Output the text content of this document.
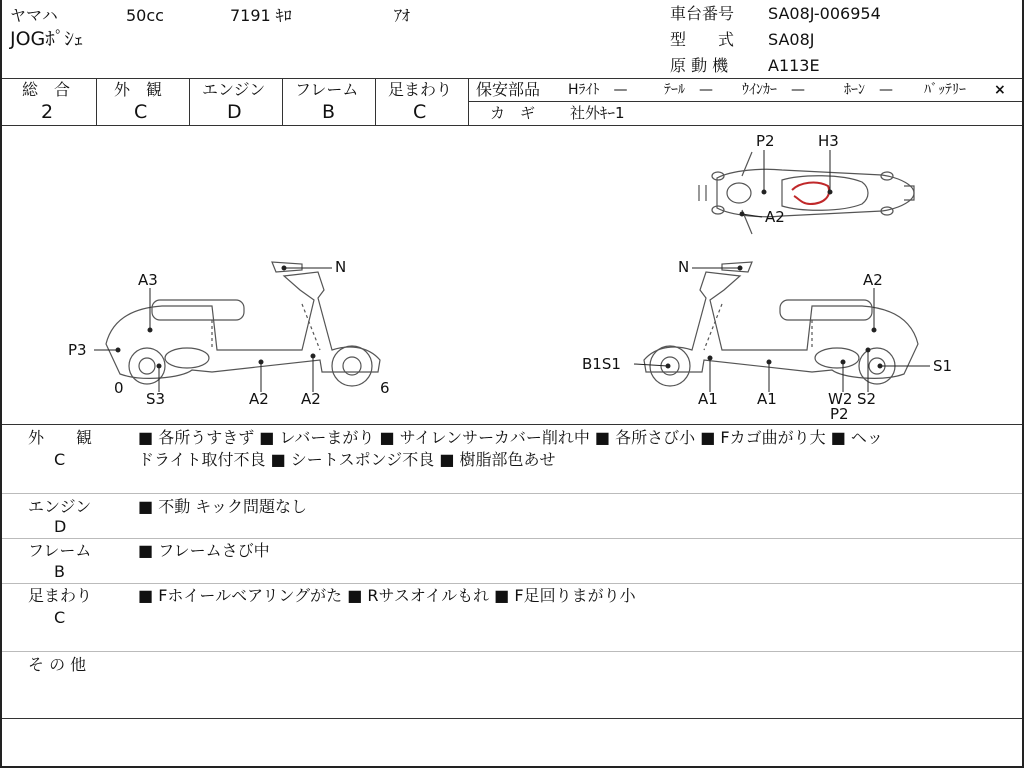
ヤマハ	50cc	7191 ｷﾛ	ｱｵ
JOGﾎﾟｼｪ
車台番号 SA08J-006954
型　　式 SA08J
原 動 機 A113E
総　合
2
外　観
C
エンジン
D
フレーム
B
足まわり
C
保安部品 Hﾗｲﾄ　—	ﾃｰﾙ　— ｳｲﾝｶｰ　—	ﾎｰﾝ　— ﾊﾞｯﾃﾘｰ ×
カ　ギ 社外ｷｰ1
P2	H3
A2
A3
N
P3
0
S3	A2 A2
6
N
A2
B1S1	S1
A1	A1	W2 S2
P2
外　　観
C
■ 各所うすきず ■ レバーまがり ■ サイレンサーカバー削れ中 ■ 各所さび小 ■ Fカゴ曲がり大 ■ ヘッ
ドライト取付不良 ■ シートスポンジ不良 ■ 樹脂部色あせ
エンジン
D
■ 不動 キック問題なし
フレーム
B
■ フレームさび中
足まわり
C
■ Fホイールベアリングがた ■ Rサスオイルもれ ■ F足回りまがり小
そ の 他
